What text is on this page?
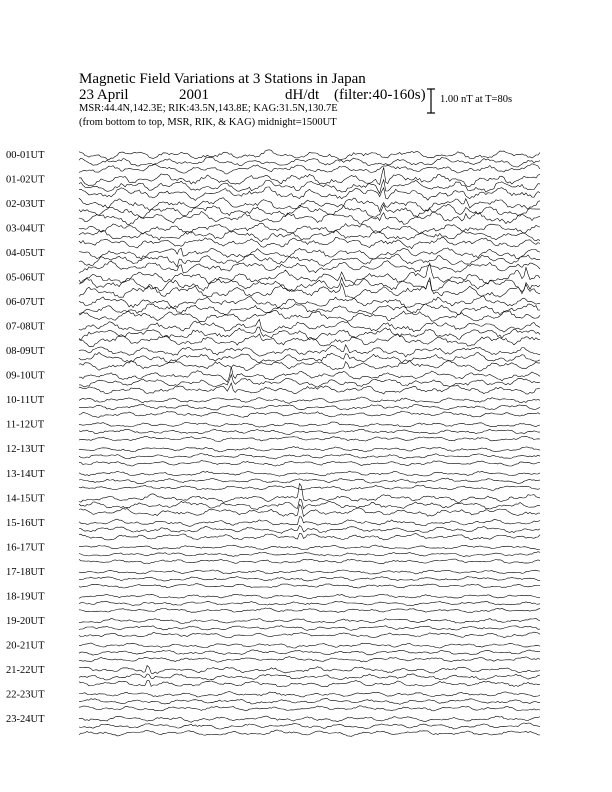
Magnetic Field Variations at 3 Stations in Japan
23 April	2001	dH/dt (filter:40-160s)
MSR:44.4N,142.3E; RIK:43.5N,143.8E; KAG:31.5N,130.7E
(from bottom to top, MSR, RIK, & KAG) midnight=1500UT
1.00 nT at T=80s
00-01UT
01-02UT
02-03UT
03-04UT
04-05UT
05-06UT
06-07UT
07-08UT
08-09UT
09-10UT
10-11UT
11-12UT
12-13UT
13-14UT
14-15UT
15-16UT
16-17UT
17-18UT
18-19UT
19-20UT
20-21UT
21-22UT
22-23UT
23-24UT
